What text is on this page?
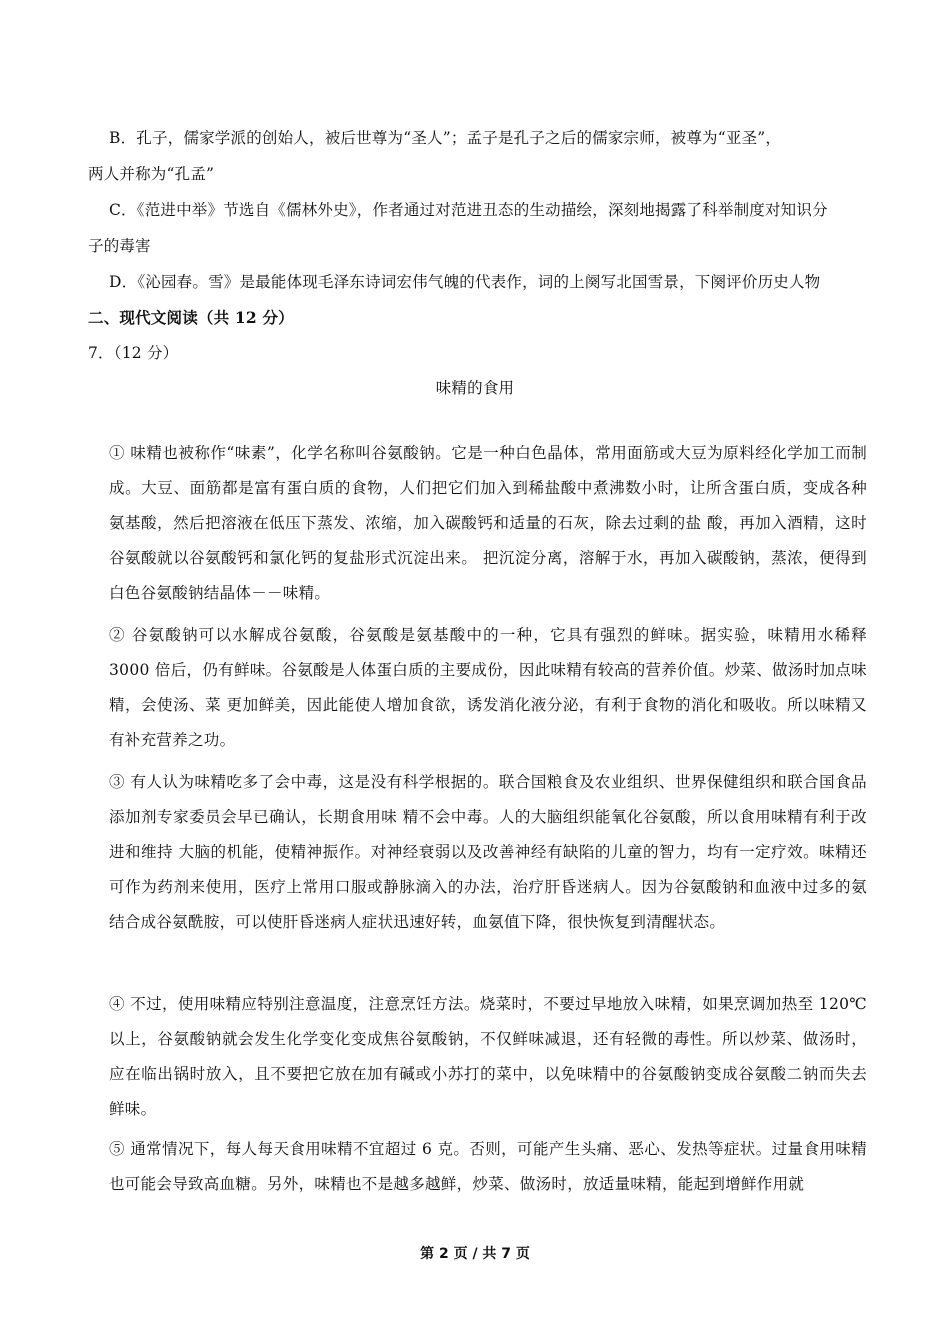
B．孔子，儒家学派的创始人，被后世尊为“圣人”；孟子是孔子之后的儒家宗师，被尊为“亚圣”，
两人并称为“孔孟”
C．《范进中举》节选自《儒林外史》，作者通过对范进丑态的生动描绘，深刻地揭露了科举制度对知识分
子的毒害
D．《沁园春。雪》是最能体现毛泽东诗词宏伟气魄的代表作，词的上阕写北国雪景，下阕评价历史人物
二、现代文阅读（共 12 分）
7．（12 分）
味精的食用
① 味精也被称作“味素”，化学名称叫谷氨酸钠。它是一种白色晶体，常用面筋或大豆为原料经化学加工而制成。大豆、面筋都是富有蛋白质的食物，人们把它们加入到稀盐酸中煮沸数小时，让所含蛋白质，变成各种氨基酸，然后把溶液在低压下蒸发、浓缩，加入碳酸钙和适量的石灰，除去过剩的盐 酸，再加入酒精，这时谷氨酸就以谷氨酸钙和氯化钙的复盐形式沉淀出来。 把沉淀分离，溶解于水，再加入碳酸钠，蒸浓，便得到白色谷氨酸钠结晶体－－味精。
② 谷氨酸钠可以水解成谷氨酸，谷氨酸是氨基酸中的一种，它具有强烈的鲜味。据实验，味精用水稀释 3000 倍后，仍有鲜味。谷氨酸是人体蛋白质的主要成份，因此味精有较高的营养价值。炒菜、做汤时加点味精，会使汤、菜 更加鲜美，因此能使人增加食欲，诱发消化液分泌，有利于食物的消化和吸收。所以味精又有补充营养之功。
③ 有人认为味精吃多了会中毒，这是没有科学根据的。联合国粮食及农业组织、世界保健组织和联合国食品添加剂专家委员会早已确认，长期食用味 精不会中毒。人的大脑组织能氧化谷氨酸，所以食用味精有利于改进和维持 大脑的机能，使精神振作。对神经衰弱以及改善神经有缺陷的儿童的智力，均有一定疗效。味精还可作为药剂来使用，医疗上常用口服或静脉滴入的办法，治疗肝昏迷病人。因为谷氨酸钠和血液中过多的氨结合成谷氨酰胺，可以使肝昏迷病人症状迅速好转，血氨值下降，很快恢复到清醒状态。
④ 不过，使用味精应特别注意温度，注意烹饪方法。烧菜时，不要过早地放入味精，如果烹调加热至 120℃以上，谷氨酸钠就会发生化学变化变成焦谷氨酸钠，不仅鲜味减退，还有轻微的毒性。所以炒菜、做汤时，应在临出锅时放入，且不要把它放在加有碱或小苏打的菜中，以免味精中的谷氨酸钠变成谷氨酸二钠而失去鲜味。
⑤ 通常情况下，每人每天食用味精不宜超过 6 克。否则，可能产生头痛、恶心、发热等症状。过量食用味精也可能会导致高血糖。另外，味精也不是越多越鲜，炒菜、做汤时，放适量味精，能起到增鲜作用就
第 2 页 / 共 7 页
